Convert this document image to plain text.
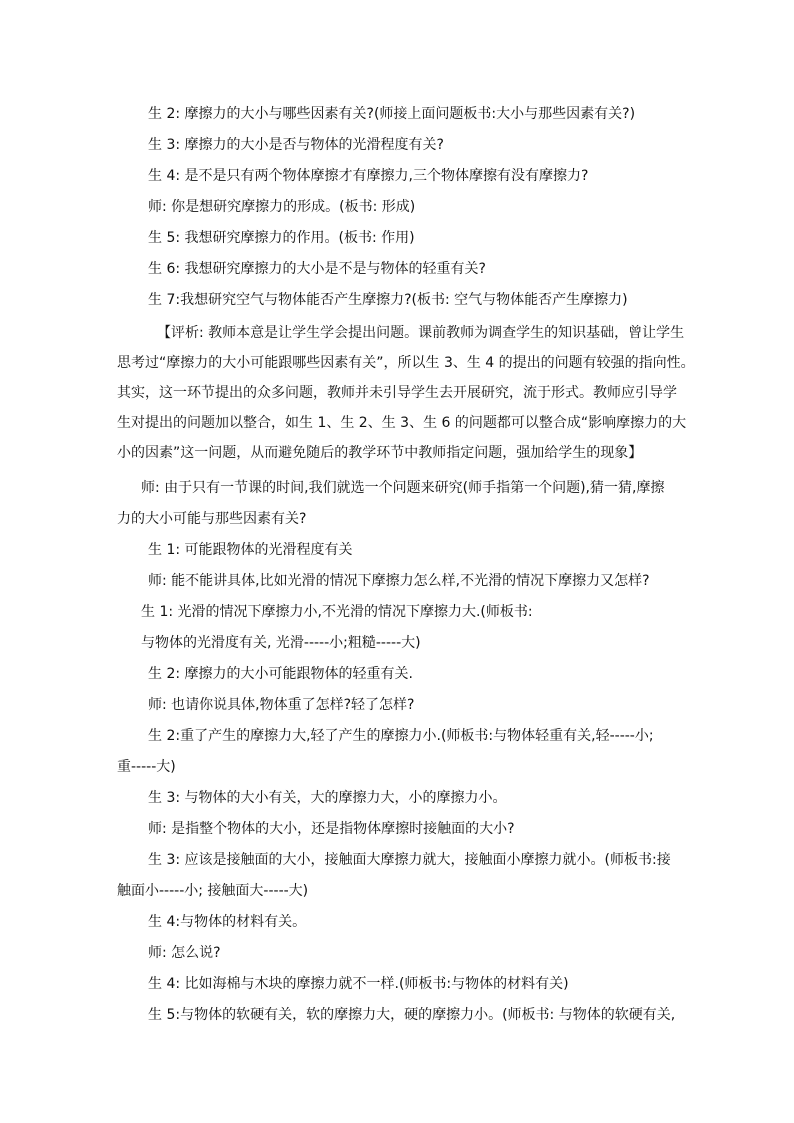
生 2: 摩擦力的大小与哪些因素有关?(师接上面问题板书:大小与那些因素有关?)
生 3: 摩擦力的大小是否与物体的光滑程度有关?
生 4: 是不是只有两个物体摩擦才有摩擦力,三个物体摩擦有没有摩擦力?
师: 你是想研究摩擦力的形成。(板书: 形成)
生 5: 我想研究摩擦力的作用。(板书: 作用)
生 6: 我想研究摩擦力的大小是不是与物体的轻重有关?
生 7:我想研究空气与物体能否产生摩擦力?(板书: 空气与物体能否产生摩擦力)
【评析: 教师本意是让学生学会提出问题。课前教师为调查学生的知识基础，曾让学生
思考过“摩擦力的大小可能跟哪些因素有关”，所以生 3、生 4 的提出的问题有较强的指向性。
其实，这一环节提出的众多问题，教师并未引导学生去开展研究，流于形式。教师应引导学
生对提出的问题加以整合，如生 1、生 2、生 3、生 6 的问题都可以整合成“影响摩擦力的大
小的因素”这一问题，从而避免随后的教学环节中教师指定问题，强加给学生的现象】
师: 由于只有一节课的时间,我们就选一个问题来研究(师手指第一个问题),猜一猜,摩擦
力的大小可能与那些因素有关?
生 1: 可能跟物体的光滑程度有关
师: 能不能讲具体,比如光滑的情况下摩擦力怎么样,不光滑的情况下摩擦力又怎样?
生 1: 光滑的情况下摩擦力小,不光滑的情况下摩擦力大.(师板书:
与物体的光滑度有关, 光滑-----小;粗糙-----大)
生 2: 摩擦力的大小可能跟物体的轻重有关.
师: 也请你说具体,物体重了怎样?轻了怎样?
生 2:重了产生的摩擦力大,轻了产生的摩擦力小.(师板书:与物体轻重有关,轻-----小;
重-----大)
生 3: 与物体的大小有关，大的摩擦力大，小的摩擦力小。
师: 是指整个物体的大小，还是指物体摩擦时接触面的大小?
生 3: 应该是接触面的大小，接触面大摩擦力就大，接触面小摩擦力就小。(师板书:接
触面小-----小; 接触面大-----大)
生 4:与物体的材料有关。
师: 怎么说?
生 4: 比如海棉与木块的摩擦力就不一样.(师板书:与物体的材料有关)
生 5:与物体的软硬有关，软的摩擦力大，硬的摩擦力小。(师板书: 与物体的软硬有关,
